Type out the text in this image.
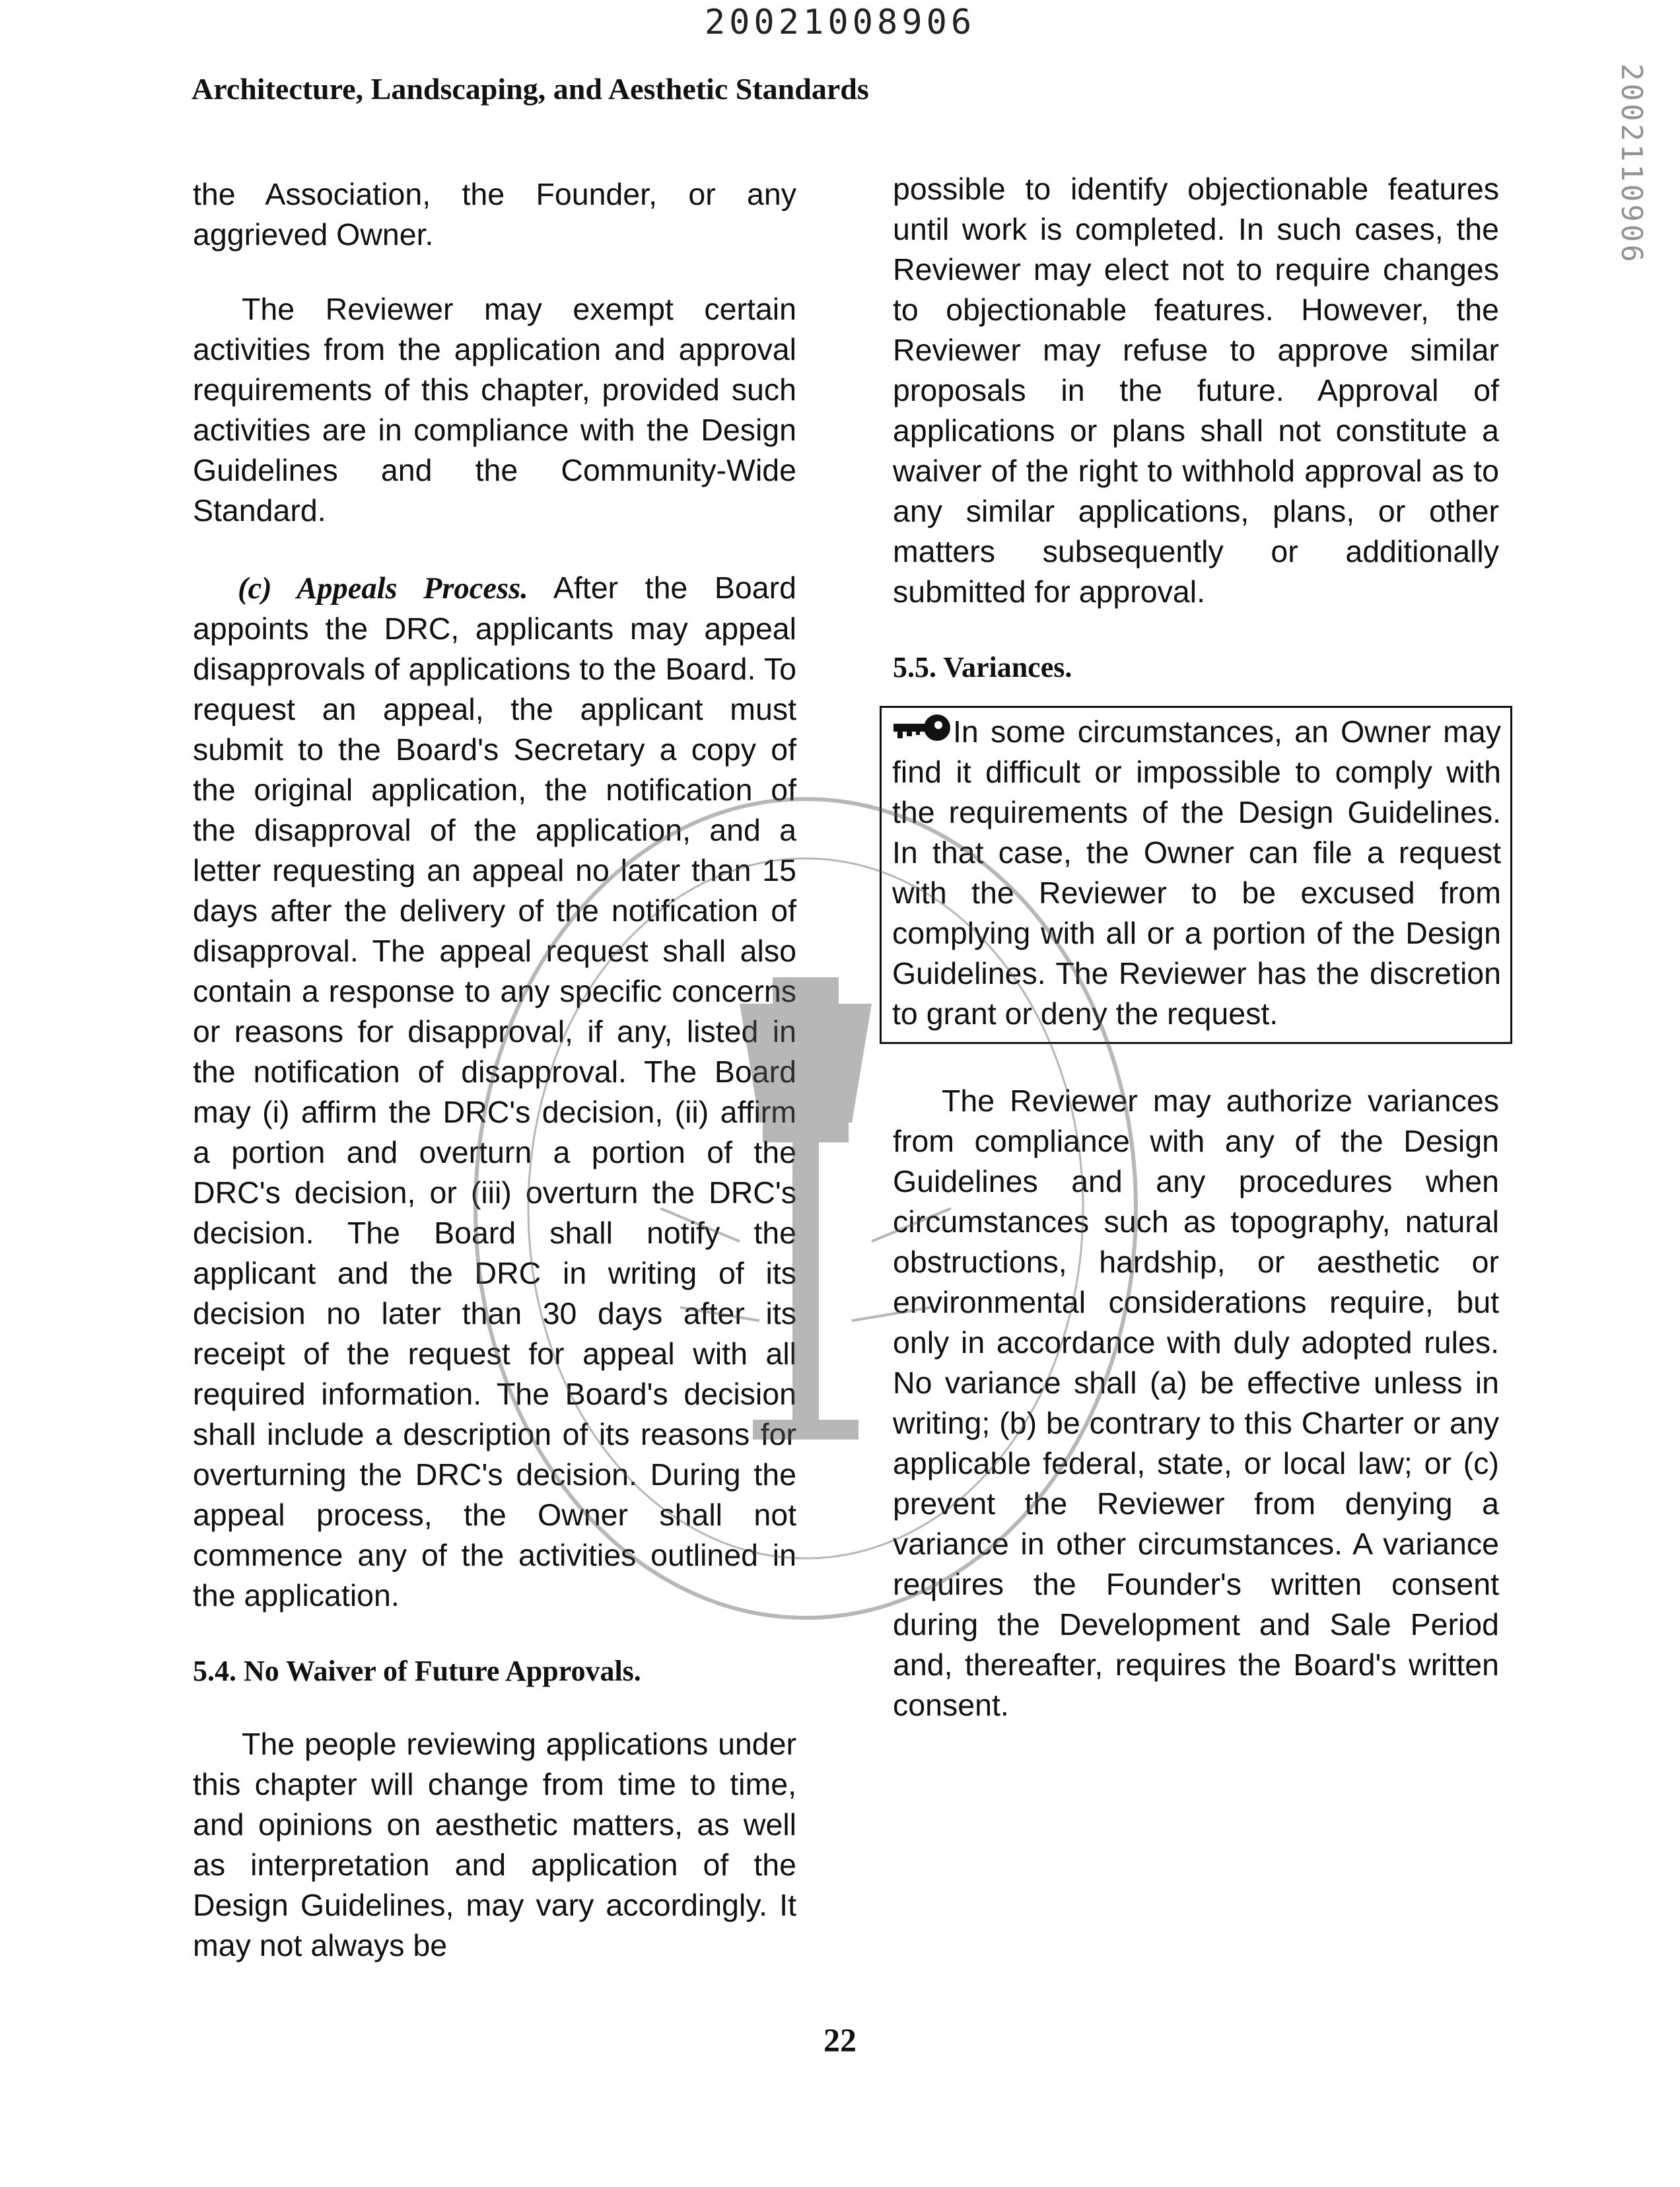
20021008906
Architecture, Landscaping, and Aesthetic Standards	2002110906

the Association, the Founder, or any aggrieved Owner.

The Reviewer may exempt certain activities from the application and approval requirements of this chapter, provided such activities are in compliance with the Design Guidelines and the Community-Wide Standard.

(c) Appeals Process. After the Board appoints the DRC, applicants may appeal disapprovals of applications to the Board. To request an appeal, the applicant must submit to the Board's Secretary a copy of the original application, the notification of the disapproval of the application, and a letter requesting an appeal no later than 15 days after the delivery of the notification of disapproval. The appeal request shall also contain a response to any specific concerns or reasons for disapproval, if any, listed in the notification of disapproval. The Board may (i) affirm the DRC's decision, (ii) affirm a portion and overturn a portion of the DRC's decision, or (iii) overturn the DRC's decision. The Board shall notify the applicant and the DRC in writing of its decision no later than 30 days after its receipt of the request for appeal with all required information. The Board's decision shall include a description of its reasons for overturning the DRC's decision. During the appeal process, the Owner shall not commence any of the activities outlined in the application.

5.4. No Waiver of Future Approvals.

The people reviewing applications under this chapter will change from time to time, and opinions on aesthetic matters, as well as interpretation and application of the Design Guidelines, may vary accordingly. It may not always be

possible to identify objectionable features until work is completed. In such cases, the Reviewer may elect not to require changes to objectionable features. However, the Reviewer may refuse to approve similar proposals in the future. Approval of applications or plans shall not constitute a waiver of the right to withhold approval as to any similar applications, plans, or other matters subsequently or additionally submitted for approval.

5.5. Variances.

In some circumstances, an Owner may find it difficult or impossible to comply with the requirements of the Design Guidelines. In that case, the Owner can file a request with the Reviewer to be excused from complying with all or a portion of the Design Guidelines. The Reviewer has the discretion to grant or deny the request.

The Reviewer may authorize variances from compliance with any of the Design Guidelines and any procedures when circumstances such as topography, natural obstructions, hardship, or aesthetic or environmental considerations require, but only in accordance with duly adopted rules. No variance shall (a) be effective unless in writing; (b) be contrary to this Charter or any applicable federal, state, or local law; or (c) prevent the Reviewer from denying a variance in other circumstances. A variance requires the Founder's written consent during the Development and Sale Period and, thereafter, requires the Board's written consent.

22
